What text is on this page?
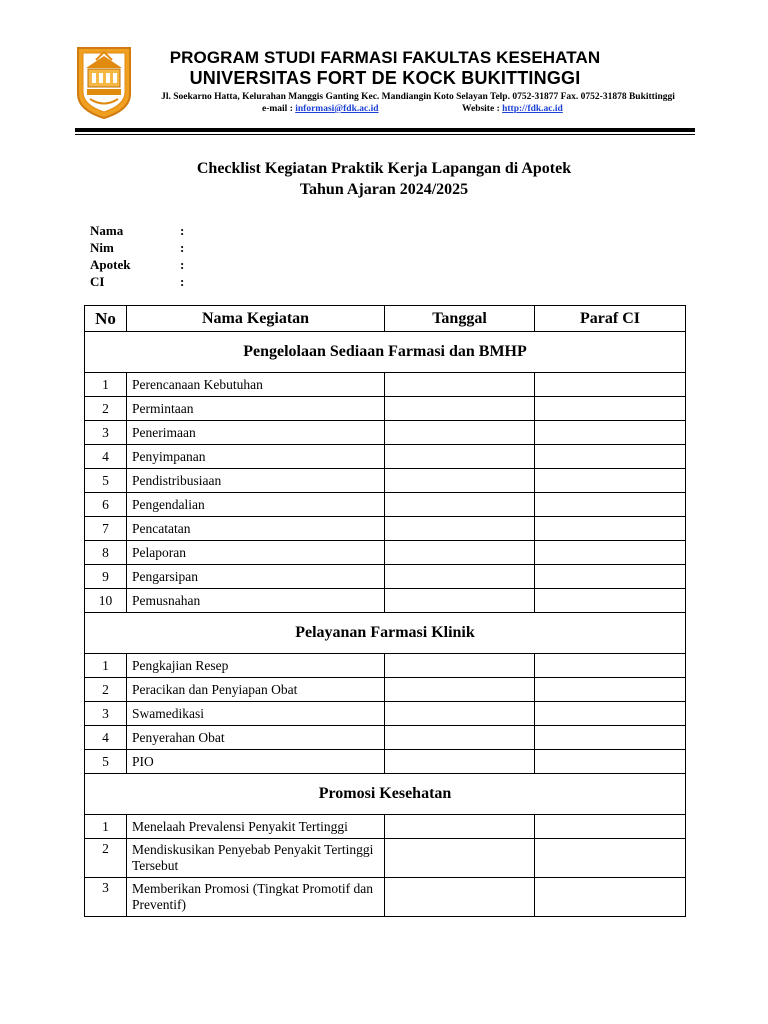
PROGRAM STUDI FARMASI FAKULTAS KESEHATAN
UNIVERSITAS FORT DE KOCK BUKITTINGGI
Jl. Soekarno Hatta, Kelurahan Manggis Ganting Kec. Mandiangin Koto Selayan Telp. 0752-31877 Fax. 0752-31878 Bukittinggi
e-mail : informasi@fdk.ac.id	Website : http://fdk.ac.id
Checklist Kegiatan Praktik Kerja Lapangan di Apotek
Tahun Ajaran 2024/2025
Nama	:
Nim	:
Apotek	:
CI	:
No	Nama Kegiatan	Tanggal	Paraf CI
Pengelolaan Sediaan Farmasi dan BMHP			
1	Perencanaan Kebutuhan		
2	Permintaan		
3	Penerimaan		
4	Penyimpanan		
5	Pendistribusiaan		
6	Pengendalian		
7	Pencatatan		
8	Pelaporan		
9	Pengarsipan		
10	Pemusnahan		
Pelayanan Farmasi Klinik			
1	Pengkajian Resep		
2	Peracikan dan Penyiapan Obat		
3	Swamedikasi		
4	Penyerahan Obat		
5	PIO		
Promosi Kesehatan			
1	Menelaah Prevalensi Penyakit Tertinggi		
2	Mendiskusikan Penyebab Penyakit Tertinggi Tersebut		
3	Memberikan Promosi (Tingkat Promotif dan Preventif)		
